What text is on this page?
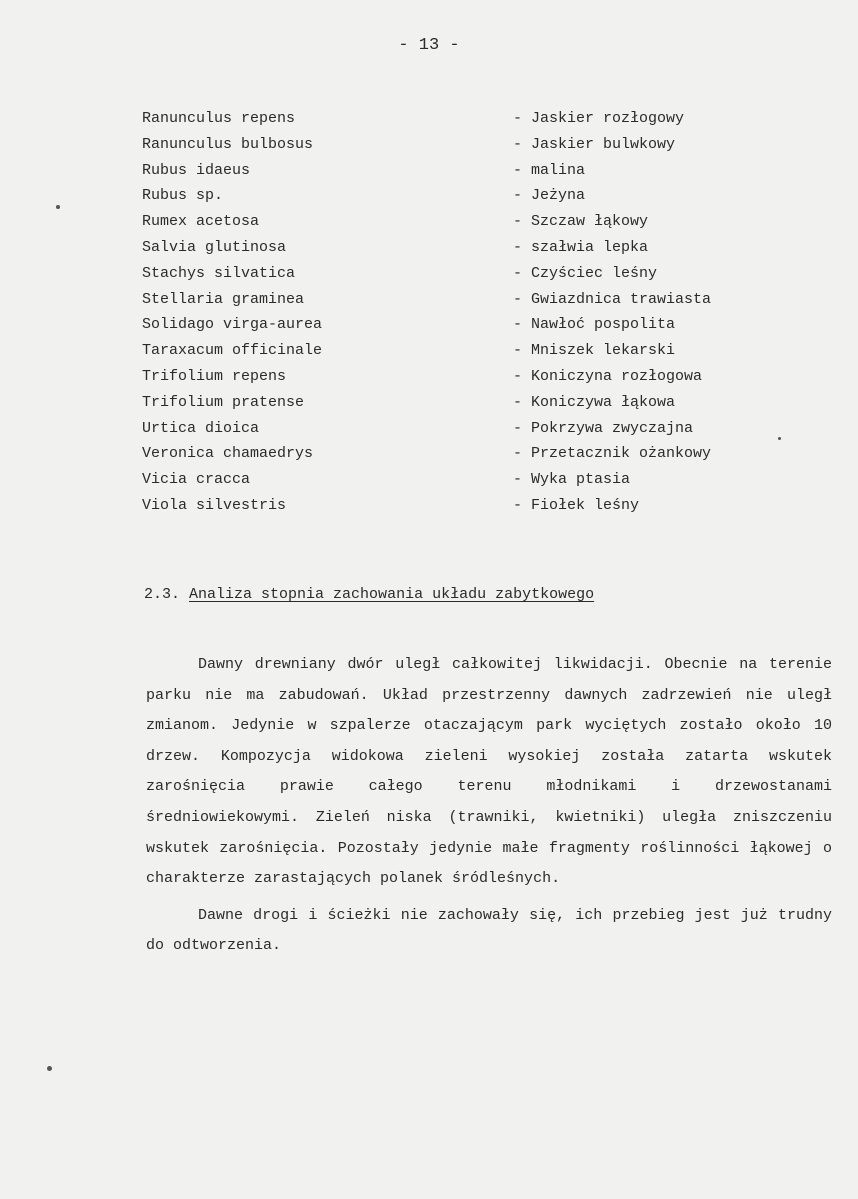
- 13 -
Ranunculus repens	- Jaskier rozłogowy
Ranunculus bulbosus	- Jaskier bulwkowy
Rubus idaeus	- malina
Rubus sp.	- Jeżyna
Rumex acetosa	- Szczaw łąkowy
Salvia glutinosa	- szałwia lepka
Stachys silvatica	- Czyściec leśny
Stellaria graminea	- Gwiazdnica trawiasta
Solidago virga-aurea	- Nawłoć pospolita
Taraxacum officinale	- Mniszek lekarski
Trifolium repens	- Koniczyna rozłogowa
Trifolium pratense	- Koniczywa łąkowa
Urtica dioica	- Pokrzywa zwyczajna
Veronica chamaedrys	- Przetacznik ożankowy
Vicia cracca	- Wyka ptasia
Viola silvestris	- Fiołek leśny
2.3. Analiza stopnia zachowania układu zabytkowego

Dawny drewniany dwór uległ całkowitej likwidacji. Obecnie na terenie parku nie ma zabudowań. Układ przestrzenny dawnych zadrzewień nie uległ zmianom. Jedynie w szpalerze otaczającym park wyciętych zostało około 10 drzew. Kompozycja widokowa zieleni wysokiej została zatarta wskutek zarośnięcia prawie całego terenu młodnikami i drzewostanami średniowiekowymi. Zieleń niska (trawniki, kwietniki) uległa zniszczeniu wskutek zarośnięcia. Pozostały jedynie małe fragmenty roślinności łąkowej o charakterze zarastających polanek śródleśnych.

Dawne drogi i ścieżki nie zachowały się, ich przebieg jest już trudny do odtworzenia.
